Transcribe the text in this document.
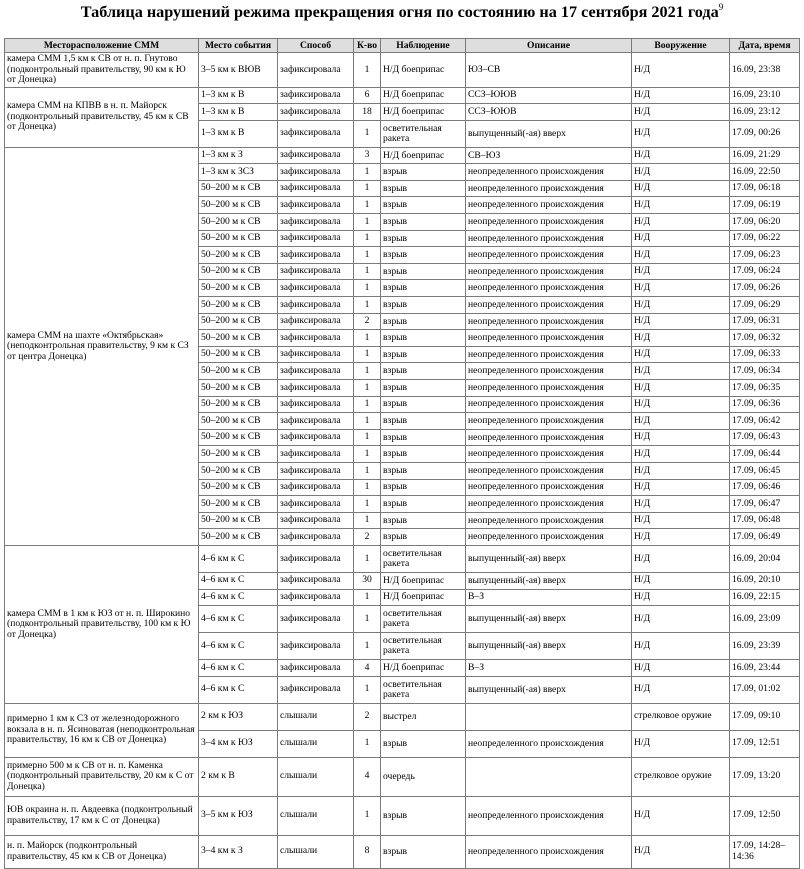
Таблица нарушений режима прекращения огня по состоянию на 17 сентября 2021 года$^9$
Месторасположение СММ	Место события	Способ	К-во	Наблюдение	Описание	Вооружение	Дата, время
камера СММ 1,5 км к СВ от н. п. Гнутово (подконтрольный правительству, 90 км к Ю от Донецка)	3–5 км к ВЮВ	зафиксировала	1	Н/Д боеприпас	ЮЗ–СВ	Н/Д	16.09, 23:38
камера СММ на КПВВ в н. п. Майорск (подконтрольный правительству, 45 км к СВ от Донецка)	1–3 км к В	зафиксировала	6	Н/Д боеприпас	ССЗ–ЮЮВ	Н/Д	16.09, 23:10
	1–3 км к В	зафиксировала	18	Н/Д боеприпас	ССЗ–ЮЮВ	Н/Д	16.09, 23:12
	1–3 км к В	зафиксировала	1	осветительная ракета	выпущенный(-ая) вверх	Н/Д	17.09, 00:26
камера СММ на шахте «Октябрьская» (неподконтрольная правительству, 9 км к СЗ от центра Донецка)	1–3 км к З	зафиксировала	3	Н/Д боеприпас	СВ–ЮЗ	Н/Д	16.09, 21:29
	1–3 км к ЗСЗ	зафиксировала	1	взрыв	неопределенного происхождения	Н/Д	16.09, 22:50
	50–200 м к СВ	зафиксировала	1	взрыв	неопределенного происхождения	Н/Д	17.09, 06:18
	50–200 м к СВ	зафиксировала	1	взрыв	неопределенного происхождения	Н/Д	17.09, 06:19
	50–200 м к СВ	зафиксировала	1	взрыв	неопределенного происхождения	Н/Д	17.09, 06:20
	50–200 м к СВ	зафиксировала	1	взрыв	неопределенного происхождения	Н/Д	17.09, 06:22
	50–200 м к СВ	зафиксировала	1	взрыв	неопределенного происхождения	Н/Д	17.09, 06:23
	50–200 м к СВ	зафиксировала	1	взрыв	неопределенного происхождения	Н/Д	17.09, 06:24
	50–200 м к СВ	зафиксировала	1	взрыв	неопределенного происхождения	Н/Д	17.09, 06:26
	50–200 м к СВ	зафиксировала	1	взрыв	неопределенного происхождения	Н/Д	17.09, 06:29
	50–200 м к СВ	зафиксировала	2	взрыв	неопределенного происхождения	Н/Д	17.09, 06:31
	50–200 м к СВ	зафиксировала	1	взрыв	неопределенного происхождения	Н/Д	17.09, 06:32
	50–200 м к СВ	зафиксировала	1	взрыв	неопределенного происхождения	Н/Д	17.09, 06:33
	50–200 м к СВ	зафиксировала	1	взрыв	неопределенного происхождения	Н/Д	17.09, 06:34
	50–200 м к СВ	зафиксировала	1	взрыв	неопределенного происхождения	Н/Д	17.09, 06:35
	50–200 м к СВ	зафиксировала	1	взрыв	неопределенного происхождения	Н/Д	17.09, 06:36
	50–200 м к СВ	зафиксировала	1	взрыв	неопределенного происхождения	Н/Д	17.09, 06:42
	50–200 м к СВ	зафиксировала	1	взрыв	неопределенного происхождения	Н/Д	17.09, 06:43
	50–200 м к СВ	зафиксировала	1	взрыв	неопределенного происхождения	Н/Д	17.09, 06:44
	50–200 м к СВ	зафиксировала	1	взрыв	неопределенного происхождения	Н/Д	17.09, 06:45
	50–200 м к СВ	зафиксировала	1	взрыв	неопределенного происхождения	Н/Д	17.09, 06:46
	50–200 м к СВ	зафиксировала	1	взрыв	неопределенного происхождения	Н/Д	17.09, 06:47
	50–200 м к СВ	зафиксировала	1	взрыв	неопределенного происхождения	Н/Д	17.09, 06:48
	50–200 м к СВ	зафиксировала	2	взрыв	неопределенного происхождения	Н/Д	17.09, 06:49
камера СММ в 1 км к ЮЗ от н. п. Широкино (подконтрольный правительству, 100 км к Ю от Донецка)	4–6 км к С	зафиксировала	1	осветительная ракета	выпущенный(-ая) вверх	Н/Д	16.09, 20:04
	4–6 км к С	зафиксировала	30	Н/Д боеприпас	выпущенный(-ая) вверх	Н/Д	16.09, 20:10
	4–6 км к С	зафиксировала	1	Н/Д боеприпас	В–З	Н/Д	16.09, 22:15
	4–6 км к С	зафиксировала	1	осветительная ракета	выпущенный(-ая) вверх	Н/Д	16.09, 23:09
	4–6 км к С	зафиксировала	1	осветительная ракета	выпущенный(-ая) вверх	Н/Д	16.09, 23:39
	4–6 км к С	зафиксировала	4	Н/Д боеприпас	В–З	Н/Д	16.09, 23:44
	4–6 км к С	зафиксировала	1	осветительная ракета	выпущенный(-ая) вверх	Н/Д	17.09, 01:02
примерно 1 км к СЗ от железнодорожного вокзала в н. п. Ясиноватая (неподконтрольная правительству, 16 км к СВ от Донецка)	2 км к ЮЗ	слышали	2	выстрел		стрелковое оружие	17.09, 09:10
	3–4 км к ЮЗ	слышали	1	взрыв	неопределенного происхождения	Н/Д	17.09, 12:51
примерно 500 м к СВ от н. п. Каменка (подконтрольный правительству, 20 км к С от Донецка)	2 км к В	слышали	4	очередь		стрелковое оружие	17.09, 13:20
ЮВ окраина н. п. Авдеевка (подконтрольный правительству, 17 км к С от Донецка)	3–5 км к ЮЗ	слышали	1	взрыв	неопределенного происхождения	Н/Д	17.09, 12:50
н. п. Майорск (подконтрольный правительству, 45 км к СВ от Донецка)	3–4 км к З	слышали	8	взрыв	неопределенного происхождения	Н/Д	17.09, 14:28–14:36
